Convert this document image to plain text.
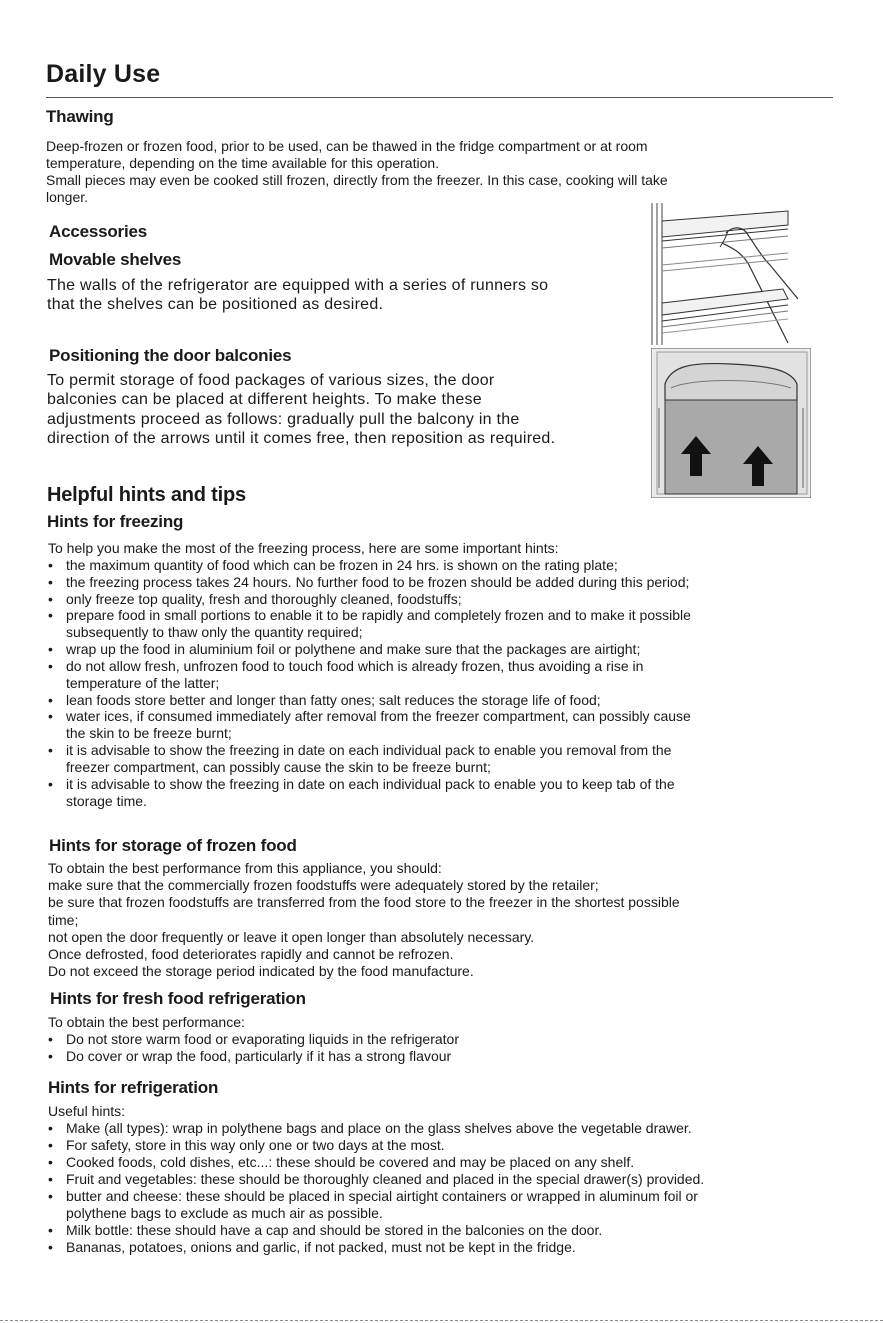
Daily Use
Thawing
Deep-frozen or frozen food, prior to be used, can be thawed in the fridge compartment or at room
temperature, depending on the time available for this operation.
Small pieces may even be cooked still frozen, directly from the freezer. In this case, cooking will take
longer.
Accessories
Movable shelves
The walls of the refrigerator are equipped with a series of runners so
that the shelves can be positioned as desired.
Positioning the door balconies
To permit storage of food packages of various sizes, the door
balconies can be placed at different heights. To make these
adjustments proceed as follows: gradually pull the balcony in the
direction of the arrows until it comes free, then reposition as required.
Helpful hints and tips
Hints for freezing
To help you make the most of the freezing process, here are some important hints:
• the maximum quantity of food which can be frozen in 24 hrs. is shown on the rating plate;
• the freezing process takes 24 hours. No further food to be frozen should be added during this period;
• only freeze top quality, fresh and thoroughly cleaned, foodstuffs;
• prepare food in small portions to enable it to be rapidly and completely frozen and to make it possible
subsequently to thaw only the quantity required;
• wrap up the food in aluminium foil or polythene and make sure that the packages are airtight;
• do not allow fresh, unfrozen food to touch food which is already frozen, thus avoiding a rise in
temperature of the latter;
• lean foods store better and longer than fatty ones; salt reduces the storage life of food;
• water ices, if consumed immediately after removal from the freezer compartment, can possibly cause
the skin to be freeze burnt;
• it is advisable to show the freezing in date on each individual pack to enable you removal from the
freezer compartment, can possibly cause the skin to be freeze burnt;
• it is advisable to show the freezing in date on each individual pack to enable you to keep tab of the
storage time.
Hints for storage of frozen food
To obtain the best performance from this appliance, you should:
make sure that the commercially frozen foodstuffs were adequately stored by the retailer;
be sure that frozen foodstuffs are transferred from the food store to the freezer in the shortest possible
time;
not open the door frequently or leave it open longer than absolutely necessary.
Once defrosted, food deteriorates rapidly and cannot be refrozen.
Do not exceed the storage period indicated by the food manufacture.
Hints for fresh food refrigeration
To obtain the best performance:
• Do not store warm food or evaporating liquids in the refrigerator
• Do cover or wrap the food, particularly if it has a strong flavour
Hints for refrigeration
Useful hints:
• Make (all types): wrap in polythene bags and place on the glass shelves above the vegetable drawer.
• For safety, store in this way only one or two days at the most.
• Cooked foods, cold dishes, etc...: these should be covered and may be placed on any shelf.
• Fruit and vegetables: these should be thoroughly cleaned and placed in the special drawer(s) provided.
• butter and cheese: these should be placed in special airtight containers or wrapped in aluminum foil or
polythene bags to exclude as much air as possible.
• Milk bottle: these should have a cap and should be stored in the balconies on the door.
• Bananas, potatoes, onions and garlic, if not packed, must not be kept in the fridge.
